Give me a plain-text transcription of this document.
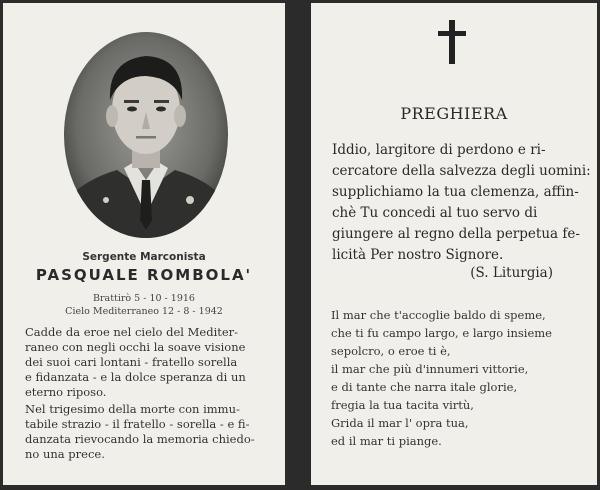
Sergente Marconista
PASQUALE ROMBOLA'
Brattirò 5 - 10 - 1916
Cielo Mediterraneo 12 - 8 - 1942
Cadde da eroe nel cielo del Mediter-
raneo con negli occhi la soave visione
dei suoi cari lontani - fratello sorella
e fidanzata - e la dolce speranza di un
eterno riposo.
Nel trigesimo della morte con immu-
tabile strazio - il fratello - sorella - e fi-
danzata rievocando la memoria chiedo-
no una prece.
PREGHIERA
Iddio, largitore di perdono e ri-
cercatore della salvezza degli uomini:
supplichiamo la tua clemenza, affin-
chè Tu concedi al tuo servo di
giungere al regno della perpetua fe-
licità Per nostro Signore.
(S. Liturgia)
Il mar che t'accoglie baldo di speme,
che ti fu campo largo, e largo insieme
sepolcro, o eroe ti è,
il mar che più d'innumeri vittorie,
e di tante che narra itale glorie,
fregia la tua tacita virtù,
Grida il mar l' opra tua,
ed il mar ti piange.
